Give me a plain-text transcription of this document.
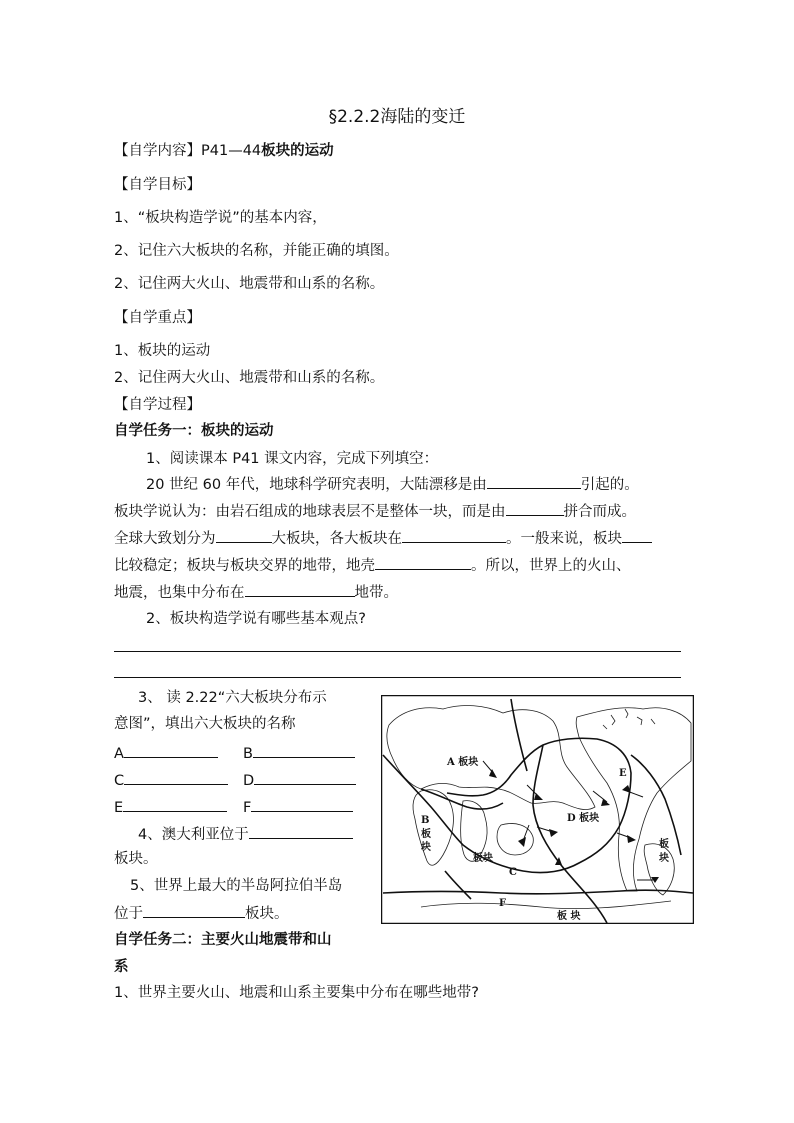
§2.2.2海陆的变迁
【自学内容】P41—44板块的运动
【自学目标】
1、“板块构造学说”的基本内容，
2、记住六大板块的名称，并能正确的填图。
2、记住两大火山、地震带和山系的名称。
【自学重点】
1、板块的运动
2、记住两大火山、地震带和山系的名称。
【自学过程】
自学任务一：板块的运动
1、阅读课本 P41 课文内容，完成下列填空：
20 世纪 60 年代，地球科学研究表明，大陆漂移是由	引起的。
板块学说认为：由岩石组成的地球表层不是整体一块，而是由	拼合而成。
全球大致划分为	大板块，各大板块在	。一般来说，板块
比较稳定；板块与板块交界的地带，地壳	。所以，世界上的火山、
地震，也集中分布在	地带。
2、板块构造学说有哪些基本观点?
3、 读 2.22“六大板块分布示
意图”，填出六大板块的名称
A	B
C	D
E	F
4、澳大利亚位于
板块。
5、世界上最大的半岛阿拉伯半岛
位于	板块。
自学任务二：主要火山地震带和山
系
1、世界主要火山、地震和山系主要集中分布在哪些地带?
A 板块
E
B
板
块
D 板块
板块
C
板
块
F
板 块
